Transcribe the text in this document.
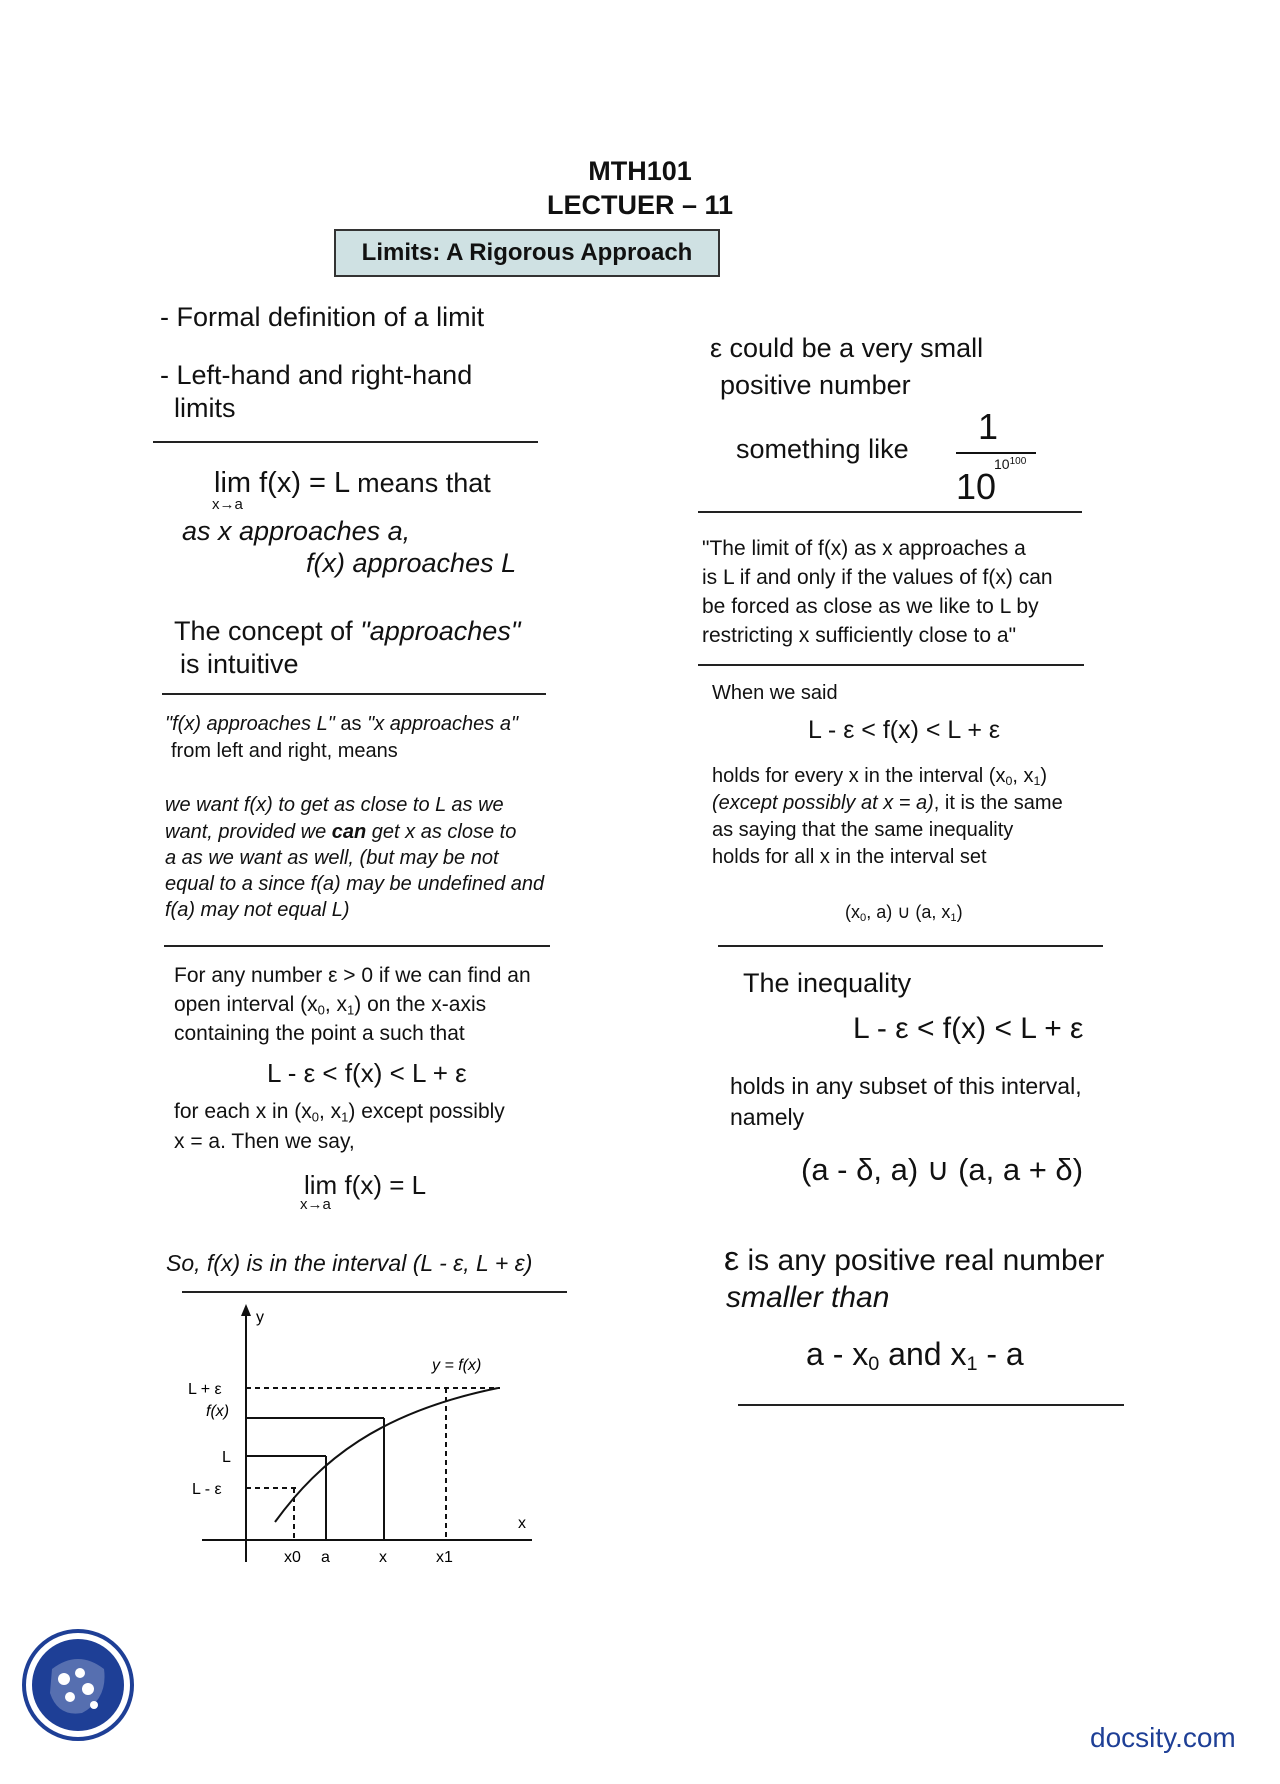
MTH101
LECTUER – 11
Limits: A Rigorous Approach
- Formal definition of a limit
- Left-hand and right-hand
limits
lim f(x) = L means that
x→a
as x approaches a,
f(x) approaches L
The concept of "approaches"
is intuitive
"f(x) approaches L" as "x approaches a"
from left and right, means
we want f(x) to get as close to L as we
want, provided we can get x as close to
a as we want as well, (but may be not
equal to a since f(a) may be undefined and
f(a) may not equal L)
For any number ε > 0 if we can find an
open interval ($x_0$, $x_1$) on the x-axis
containing the point a such that
L - ε < f(x) < L + ε
for each x in ($x_0$, $x_1$) except possibly
x = a. Then we say,
lim f(x) = L
x→a
So, f(x) is in the interval (L - ε, L + ε)
y
x
y = f(x)
L + ε
f(x)
L
L - ε
x0 a	x	x1
ε could be a very small
positive number
something like
1
10
$10^{100}$
"The limit of f(x) as x approaches a
is L if and only if the values of f(x) can
be forced as close as we like to L by
restricting x sufficiently close to a"
When we said
L - ε < f(x) < L + ε
holds for every x in the interval ($x_0$, $x_1$)
(except possibly at x = a), it is the same
as saying that the same inequality
holds for all x in the interval set
($x_0$, a) ∪ (a, $x_1$)
The inequality
L - ε < f(x) < L + ε
holds in any subset of this interval,
namely
(a - δ, a) ∪ (a, a + δ)
ε is any positive real number
smaller than
a - $x_0$ and $x_1$ - a
docsity.com
